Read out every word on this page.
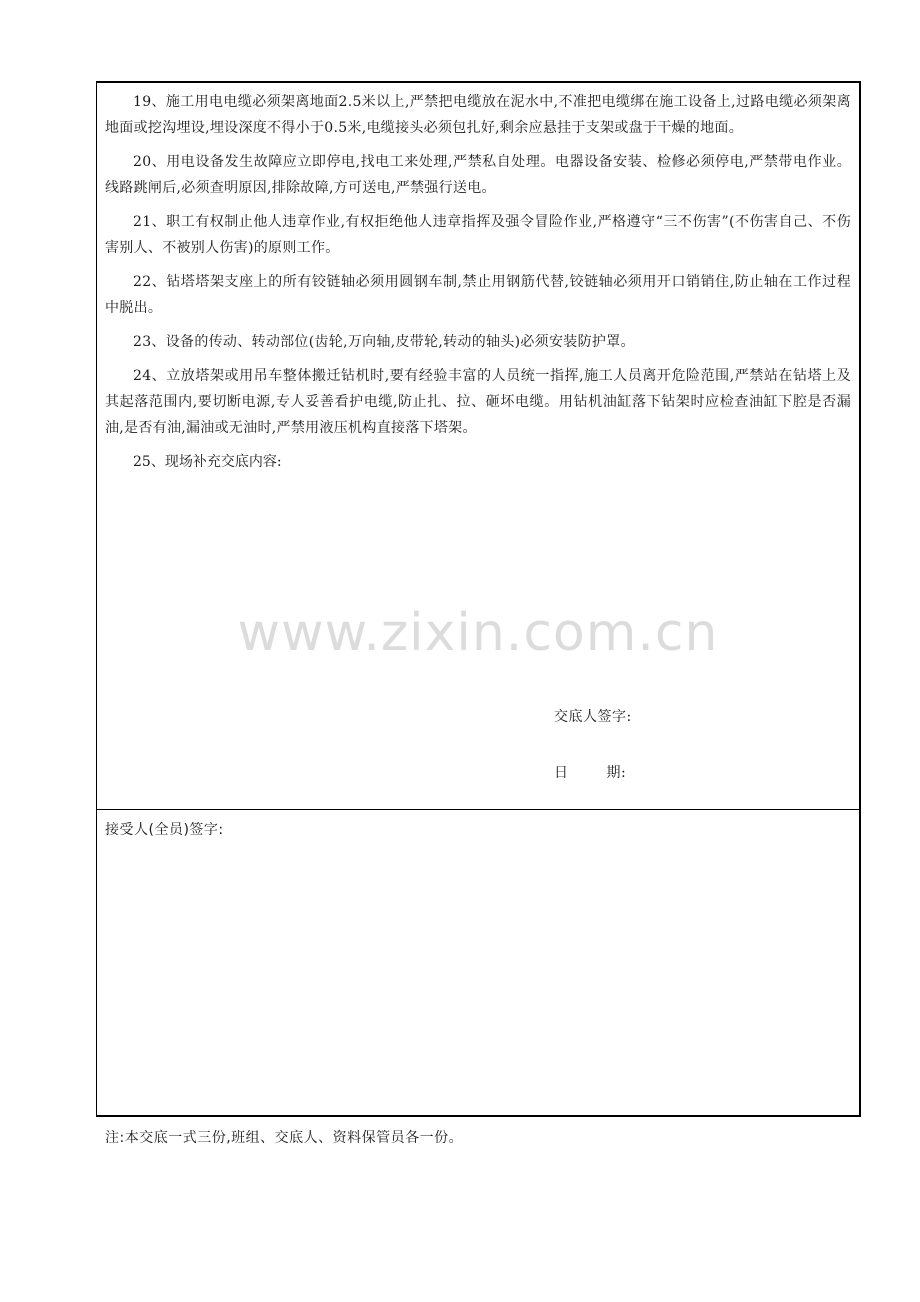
19、施工用电电缆必须架离地面2.5米以上,严禁把电缆放在泥水中,不准把电缆绑在施工设备上,过路电缆必须架离地面或挖沟埋设,埋设深度不得小于0.5米,电缆接头必须包扎好,剩余应悬挂于支架或盘于干燥的地面。

20、用电设备发生故障应立即停电,找电工来处理,严禁私自处理。电器设备安装、检修必须停电,严禁带电作业。线路跳闸后,必须查明原因,排除故障,方可送电,严禁强行送电。

21、职工有权制止他人违章作业,有权拒绝他人违章指挥及强令冒险作业,严格遵守“三不伤害”(不伤害自己、不伤害别人、不被别人伤害)的原则工作。

22、钻塔塔架支座上的所有铰链轴必须用圆钢车制,禁止用钢筋代替,铰链轴必须用开口销销住,防止轴在工作过程中脱出。

23、设备的传动、转动部位(齿轮,万向轴,皮带轮,转动的轴头)必须安装防护罩。

24、立放塔架或用吊车整体搬迁钻机时,要有经验丰富的人员统一指挥,施工人员离开危险范围,严禁站在钻塔上及其起落范围内,要切断电源,专人妥善看护电缆,防止扎、拉、砸坏电缆。用钻机油缸落下钻架时应检查油缸下腔是否漏油,是否有油,漏油或无油时,严禁用液压机构直接落下塔架。

25、现场补充交底内容:

www.zixin.com.cn
交底人签字:
日	期:
接受人(全员)签字:
注:本交底一式三份,班组、交底人、资料保管员各一份。
